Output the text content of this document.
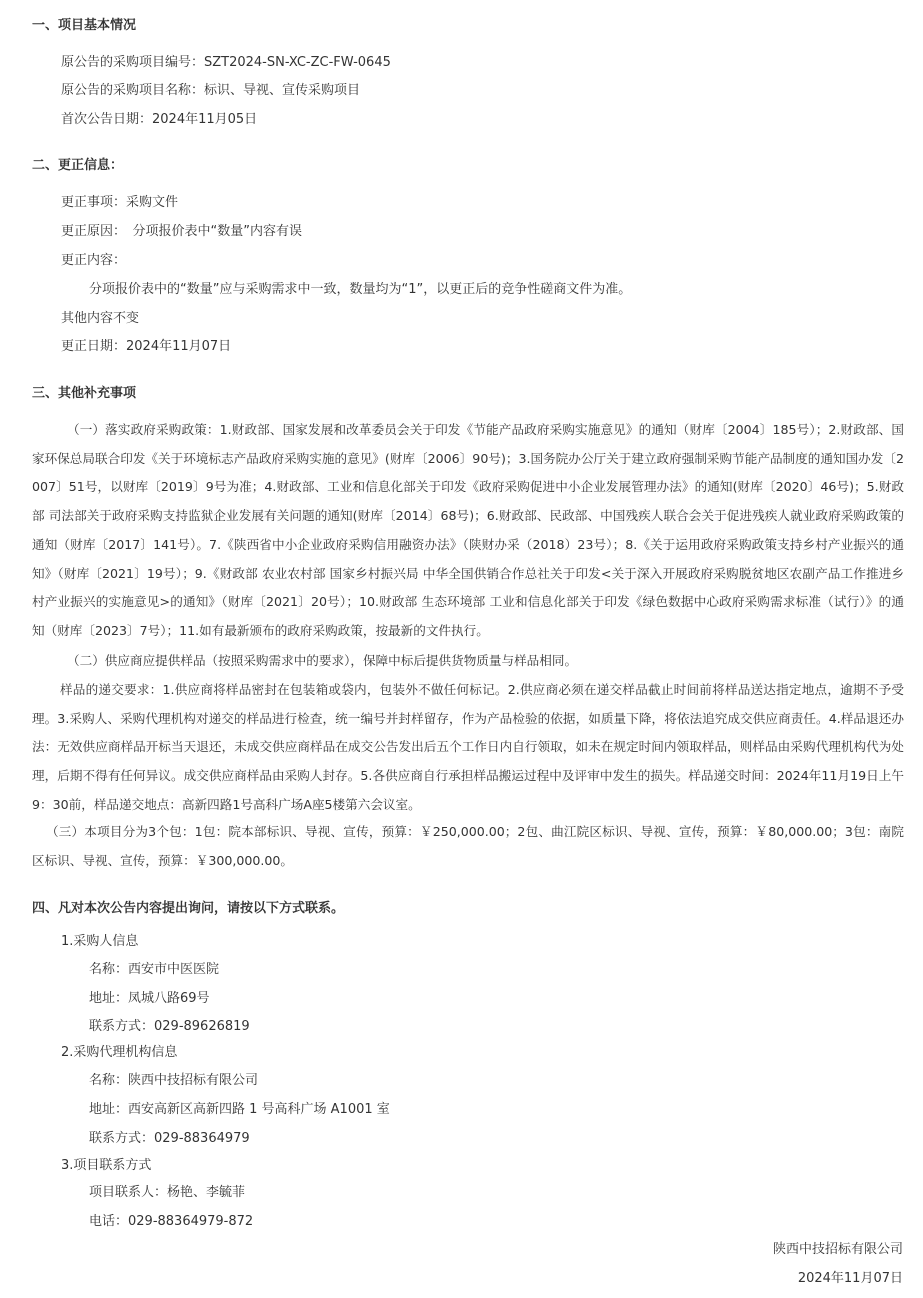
一、项目基本情况
原公告的采购项目编号：SZT2024-SN-XC-ZC-FW-0645
原公告的采购项目名称：标识、导视、宣传采购项目
首次公告日期：2024年11月05日
二、更正信息：
更正事项：采购文件
更正原因：　分项报价表中“数量”内容有误
更正内容：
分项报价表中的“数量”应与采购需求中一致，数量均为“1”，以更正后的竞争性磋商文件为准。
其他内容不变
更正日期：2024年11月07日
三、其他补充事项
（一）落实政府采购政策：1.财政部、国家发展和改革委员会关于印发《节能产品政府采购实施意见》的通知（财库〔2004〕185号）；2.财政部、国家环保总局联合印发《关于环境标志产品政府采购实施的意见》(财库〔2006〕90号)；3.国务院办公厅关于建立政府强制采购节能产品制度的通知国办发〔2007〕51号，以财库〔2019〕9号为准；4.财政部、工业和信息化部关于印发《政府采购促进中小企业发展管理办法》的通知(财库〔2020〕46号)；5.财政部 司法部关于政府采购支持监狱企业发展有关问题的通知(财库〔2014〕68号)；6.财政部、民政部、中国残疾人联合会关于促进残疾人就业政府采购政策的通知（财库〔2017〕141号）。7.《陕西省中小企业政府采购信用融资办法》（陕财办采（2018）23号）；8.《关于运用政府采购政策支持乡村产业振兴的通知》（财库〔2021〕19号）；9.《财政部 农业农村部 国家乡村振兴局 中华全国供销合作总社关于印发<关于深入开展政府采购脱贫地区农副产品工作推进乡村产业振兴的实施意见>的通知》（财库〔2021〕20号）；10.财政部 生态环境部 工业和信息化部关于印发《绿色数据中心政府采购需求标准（试行）》的通知（财库〔2023〕7号）；11.如有最新颁布的政府采购政策，按最新的文件执行。
（二）供应商应提供样品（按照采购需求中的要求），保障中标后提供货物质量与样品相同。
样品的递交要求：1.供应商将样品密封在包装箱或袋内，包装外不做任何标记。2.供应商必须在递交样品截止时间前将样品送达指定地点，逾期不予受理。3.采购人、采购代理机构对递交的样品进行检查，统一编号并封样留存，作为产品检验的依据，如质量下降，将依法追究成交供应商责任。4.样品退还办法：无效供应商样品开标当天退还，未成交供应商样品在成交公告发出后五个工作日内自行领取，如未在规定时间内领取样品，则样品由采购代理机构代为处理，后期不得有任何异议。成交供应商样品由采购人封存。5.各供应商自行承担样品搬运过程中及评审中发生的损失。样品递交时间：2024年11月19日上午9：30前，样品递交地点：高新四路1号高科广场A座5楼第六会议室。
（三）本项目分为3个包：1包：院本部标识、导视、宣传，预算：￥250,000.00；2包、曲江院区标识、导视、宣传，预算：￥80,000.00；3包：南院区标识、导视、宣传，预算：￥300,000.00。
四、凡对本次公告内容提出询问，请按以下方式联系。
1.采购人信息
名称：西安市中医医院
地址：凤城八路69号
联系方式：029-89626819
2.采购代理机构信息
名称：陕西中技招标有限公司
地址：西安高新区高新四路 1 号高科广场 A1001 室
联系方式：029-88364979
3.项目联系方式
项目联系人：杨艳、李毓菲
电话：029-88364979-872
陕西中技招标有限公司
2024年11月07日
